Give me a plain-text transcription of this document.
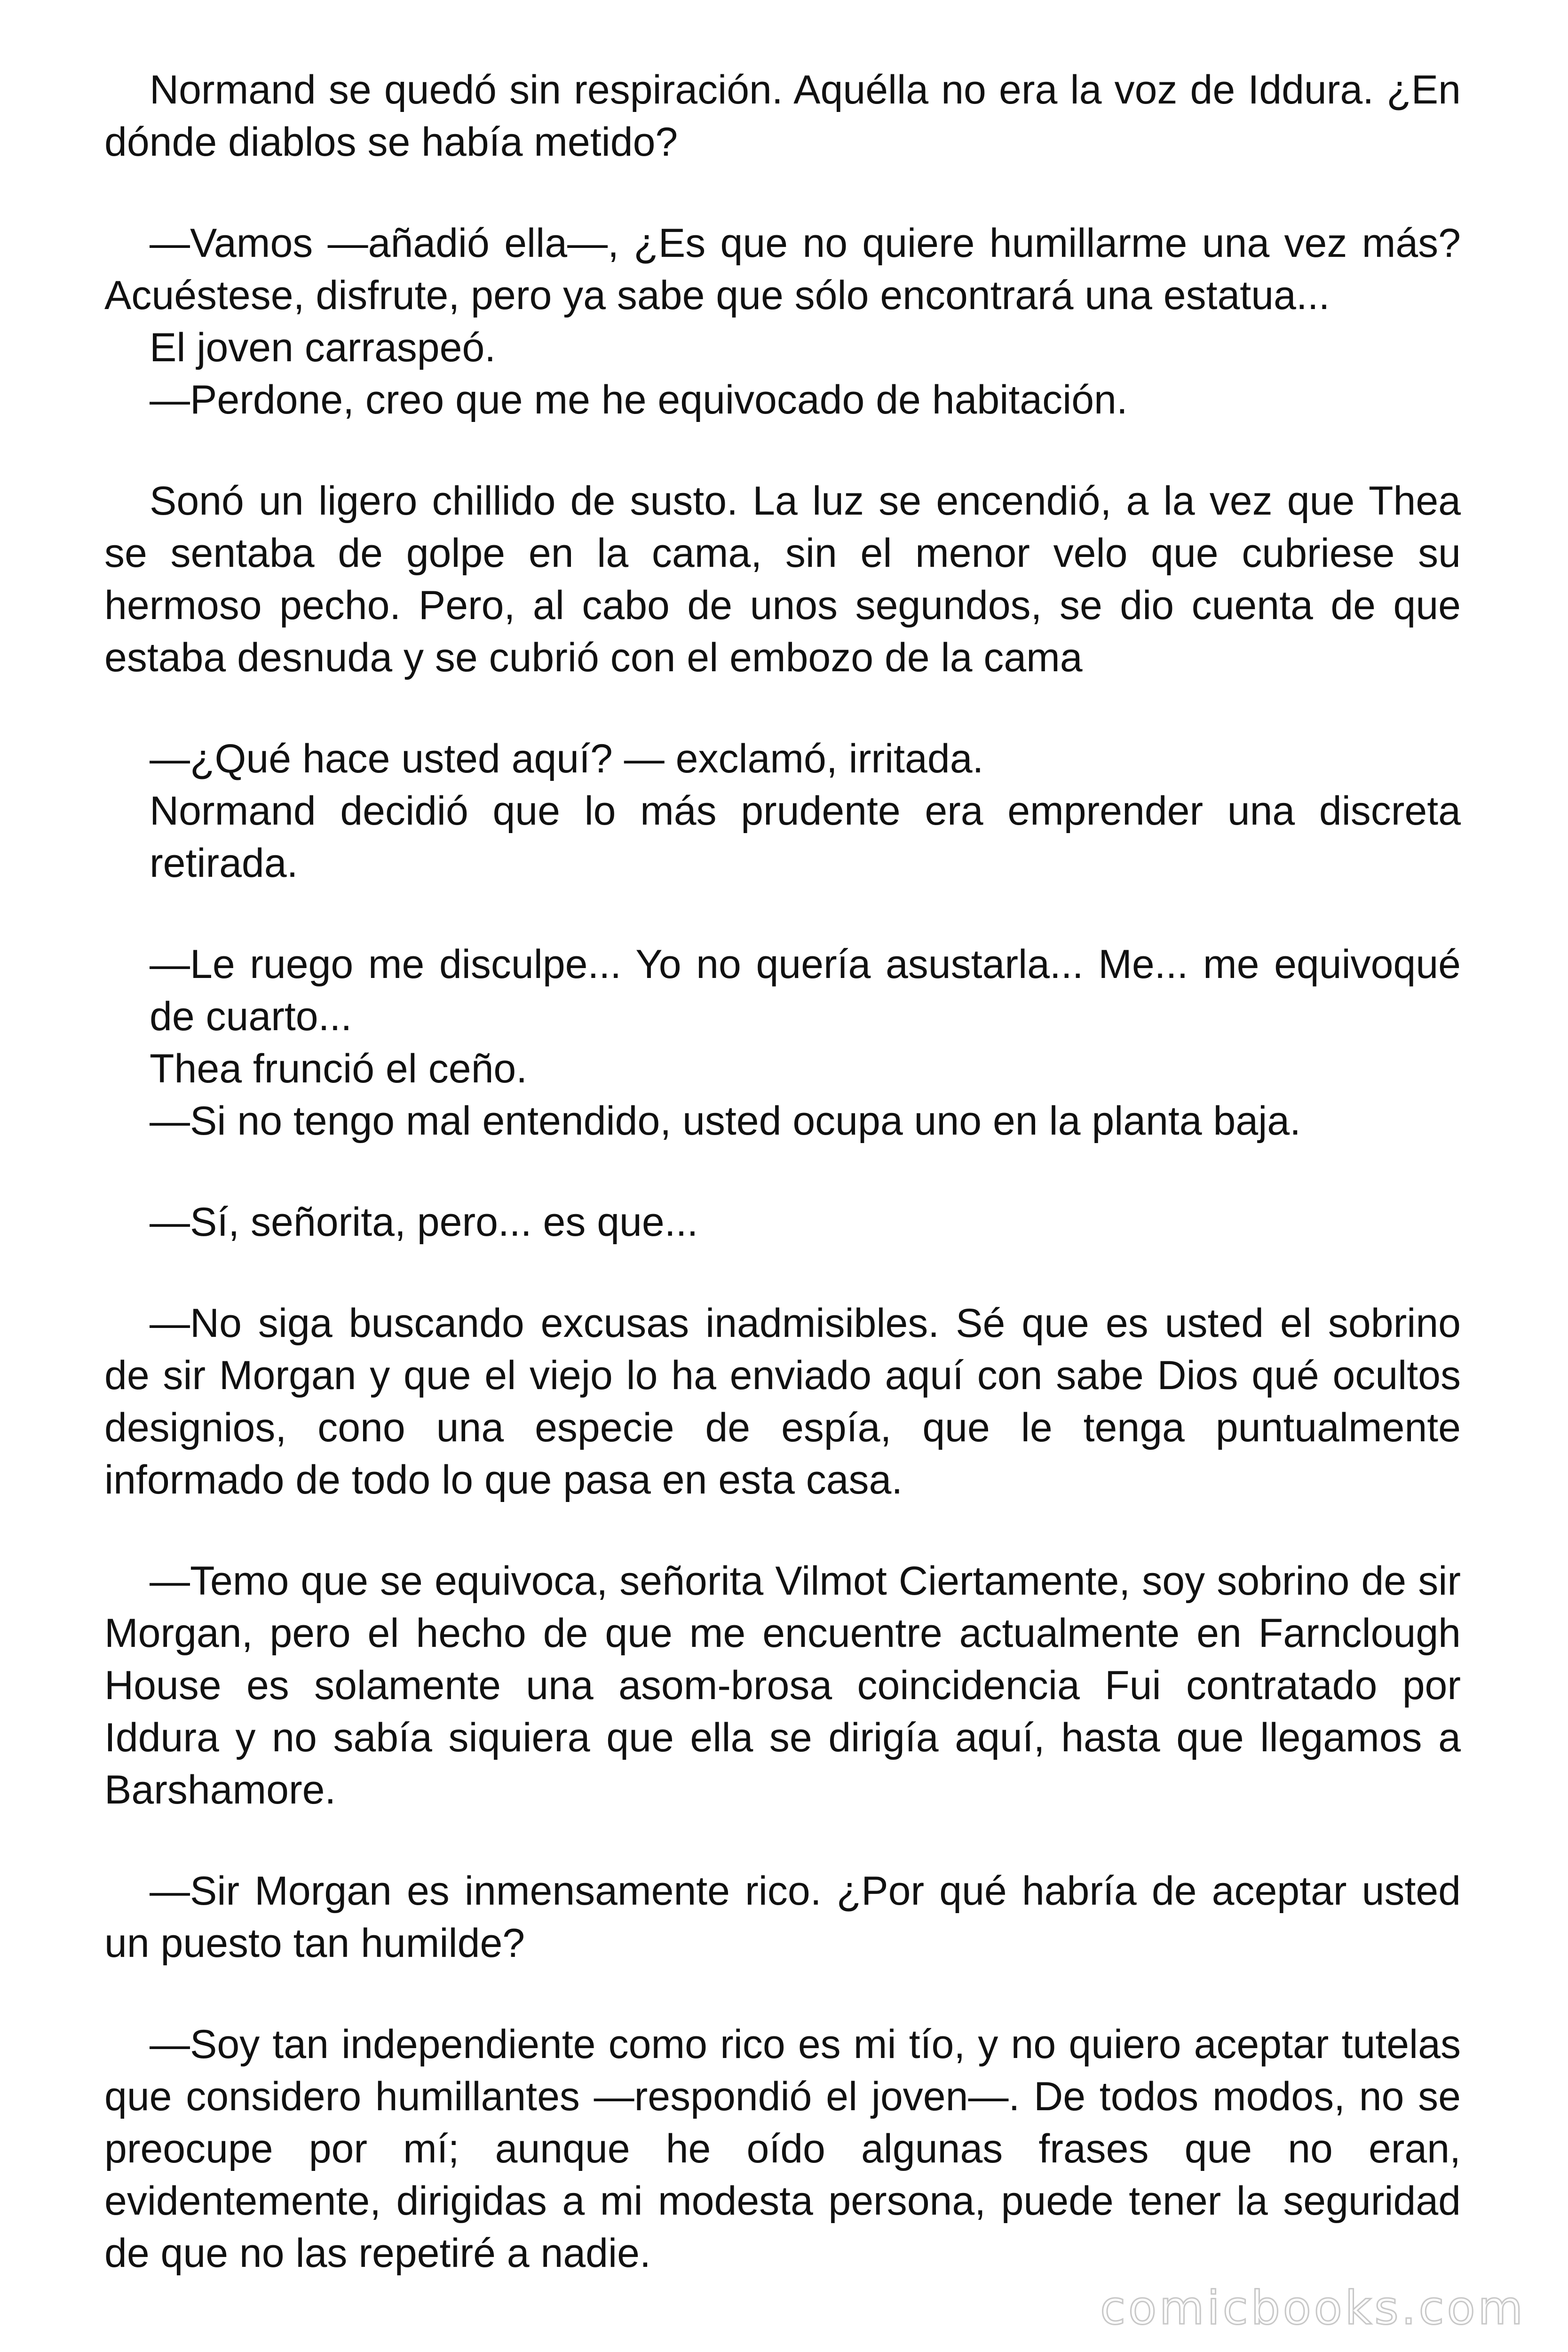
Normand se quedó sin respiración. Aquélla no era la voz de Iddura. ¿En dónde diablos se había metido?

—Vamos —añadió ella—, ¿Es que no quiere humillarme una vez más? Acuéstese, disfrute, pero ya sabe que sólo encontrará una estatua...

El joven carraspeó.

—Perdone, creo que me he equivocado de habitación.

Sonó un ligero chillido de susto. La luz se encendió, a la vez que Thea se sentaba de golpe en la cama, sin el menor velo que cubriese su hermoso pecho. Pero, al cabo de unos segundos, se dio cuenta de que estaba desnuda y se cubrió con el embozo de la cama

—¿Qué hace usted aquí? — exclamó, irritada.

Normand decidió que lo más prudente era emprender una discreta retirada.

—Le ruego me disculpe... Yo no quería asustarla... Me... me equivoqué de cuarto...

Thea frunció el ceño.

—Si no tengo mal entendido, usted ocupa uno en la planta baja.

—Sí, señorita, pero... es que...

—No siga buscando excusas inadmisibles. Sé que es usted el sobrino de sir Morgan y que el viejo lo ha enviado aquí con sabe Dios qué ocultos designios, cono una especie de espía, que le tenga puntualmente informado de todo lo que pasa en esta casa.

—Temo que se equivoca, señorita Vilmot Ciertamente, soy sobrino de sir Morgan, pero el hecho de que me encuentre actualmente en Farnclough House es solamente una asom-brosa coincidencia Fui contratado por Iddura y no sabía siquiera que ella se dirigía aquí, hasta que llegamos a Barshamore.

—Sir Morgan es inmensamente rico. ¿Por qué habría de aceptar usted un puesto tan humilde?

—Soy tan independiente como rico es mi tío, y no quiero aceptar tutelas que considero humillantes —respondió el joven—. De todos modos, no se preocupe por mí; aunque he oído algunas frases que no eran, evidentemente, dirigidas a mi modesta persona, puede tener la seguridad de que no las repetiré a nadie.

comicbooks.com
